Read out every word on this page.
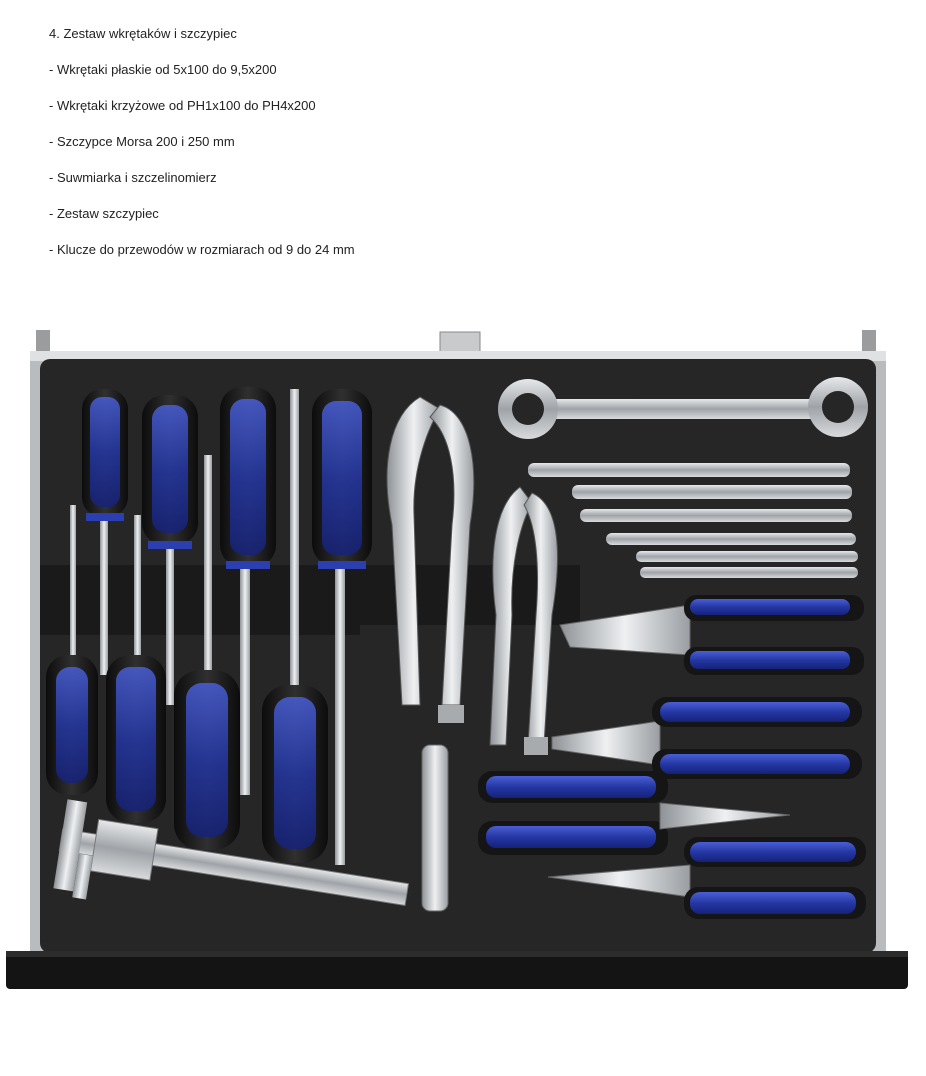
4. Zestaw wkrętaków i szczypiec
- Wkrętaki płaskie od 5x100 do 9,5x200
- Wkrętaki krzyżowe od PH1x100 do PH4x200
- Szczypce Morsa 200 i 250 mm
- Suwmiarka i szczelinomierz
- Zestaw szczypiec
- Klucze do przewodów w rozmiarach od 9 do 24 mm
